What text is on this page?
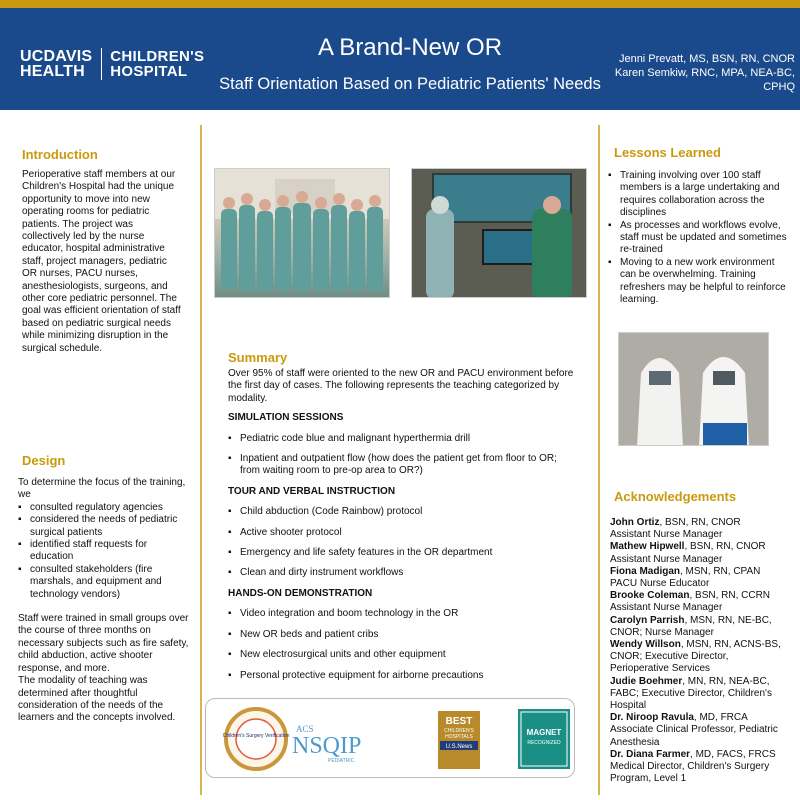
UCDAVIS
HEALTH
CHILDREN'S
HOSPITAL
A Brand-New OR
Staff Orientation Based on Pediatric Patients' Needs
Jenni Prevatt, MS, BSN, RN, CNOR
Karen Semkiw, RNC, MPA, NEA-BC, CPHQ
Introduction
Perioperative staff members at our Children's Hospital had the unique opportunity to move into new operating rooms for pediatric patients. The project was collectively led by the nurse educator, hospital administrative staff, project managers, pediatric OR nurses, PACU nurses, anesthesiologists, surgeons, and other core pediatric personnel. The goal was efficient orientation of staff based on pediatric surgical needs while minimizing disruption in the surgical schedule.
Design
To determine the focus of the training, we
▪ consulted regulatory agencies
▪ considered the needs of pediatric surgical patients
▪ identified staff requests for education
▪ consulted stakeholders (fire marshals, and equipment and technology vendors)
Staff were trained in small groups over the course of three months on necessary subjects such as fire safety, child abduction, active shooter response, and more.
The modality of teaching was determined after thoughtful consideration of the needs of the learners and the concepts involved.
Summary
Over 95% of staff were oriented to the new OR and PACU environment before the first day of cases. The following represents the teaching categorized by modality.
SIMULATION SESSIONS
▪ Pediatric code blue and malignant hyperthermia drill
▪ Inpatient and outpatient flow (how does the patient get from floor to OR; from waiting room to pre-op area to OR?)
TOUR AND VERBAL INSTRUCTION
▪ Child abduction (Code Rainbow) protocol
▪ Active shooter protocol
▪ Emergency and life safety features in the OR department
▪ Clean and dirty instrument workflows
HANDS-ON DEMONSTRATION
▪ Video integration and boom technology in the OR
▪ New OR beds and patient cribs
▪ New electrosurgical units and other equipment
▪ Personal protective equipment for airborne precautions
Children's Surgery Verification
ACS
NSQIP
PEDIATRIC
BEST
CHILDREN'S
HOSPITALS
U.S.News
MAGNET
RECOGNIZED
Lessons Learned
▪ Training involving over 100 staff members is a large undertaking and requires collaboration across the disciplines
▪ As processes and workflows evolve, staff must be updated and sometimes re-trained
▪ Moving to a new work environment can be overwhelming. Training refreshers may be helpful to reinforce learning.
Acknowledgements
John Ortiz, BSN, RN, CNOR
Assistant Nurse Manager
Mathew Hipwell, BSN, RN, CNOR
Assistant Nurse Manager
Fiona Madigan, MSN, RN, CPAN
PACU Nurse Educator
Brooke Coleman, BSN, RN, CCRN
Assistant Nurse Manager
Carolyn Parrish, MSN, RN, NE-BC, CNOR; Nurse Manager
Wendy Willson, MSN, RN, ACNS-BS, CNOR; Executive Director, Perioperative Services
Judie Boehmer, MN, RN, NEA-BC, FABC; Executive Director, Children's Hospital
Dr. Niroop Ravula, MD, FRCA
Associate Clinical Professor, Pediatric Anesthesia
Dr. Diana Farmer, MD, FACS, FRCS
Medical Director, Children's Surgery Program, Level 1
